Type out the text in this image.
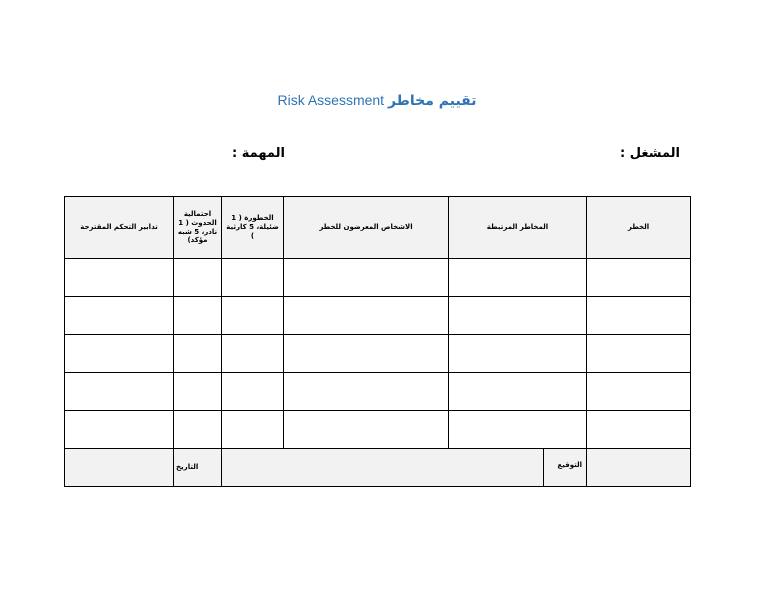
Risk Assessment تقييم مخاطر
المشغل :
المهمة :
تدابير التحكم المقترحة	احتمالية الحدوث ( 1 نادر، 5 شبه مؤكد)	الخطورة ( 1 ضئيلة، 5 كارثية )	الاشخاص المعرضون للخطر	المخاطر المرتبطة	الخطر	

	التاريخ	التوقيع
